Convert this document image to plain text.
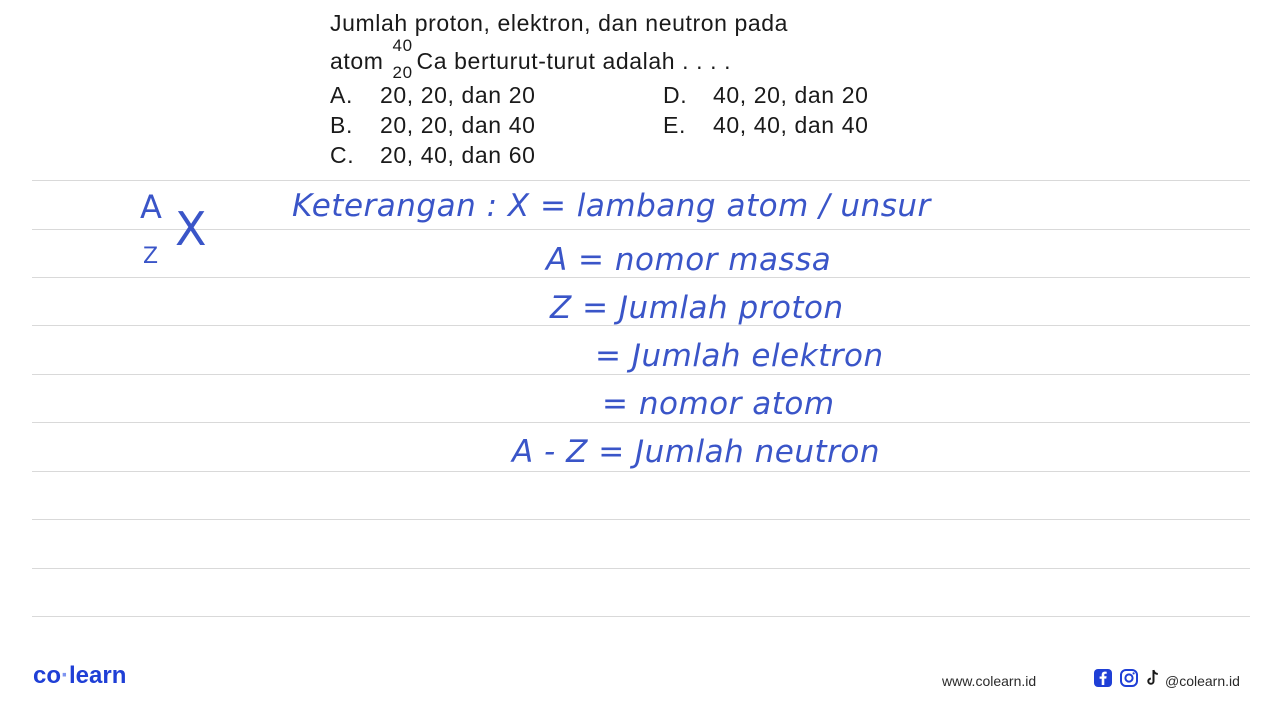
Jumlah proton, elektron, dan neutron pada
atom
40
20 Ca berturut-turut adalah . . . .
A. 20, 20, dan 20
B. 20, 20, dan 40
C. 20, 40, dan 60
D. 40, 20, dan 20
E. 40, 40, dan 40
A
Z
X	Keterangan : X = lambang atom / unsur
A = nomor massa
Z = Jumlah proton
= Jumlah elektron
= nomor atom
A - Z = Jumlah neutron
co·learn	www.colearn.id	@colearn.id
